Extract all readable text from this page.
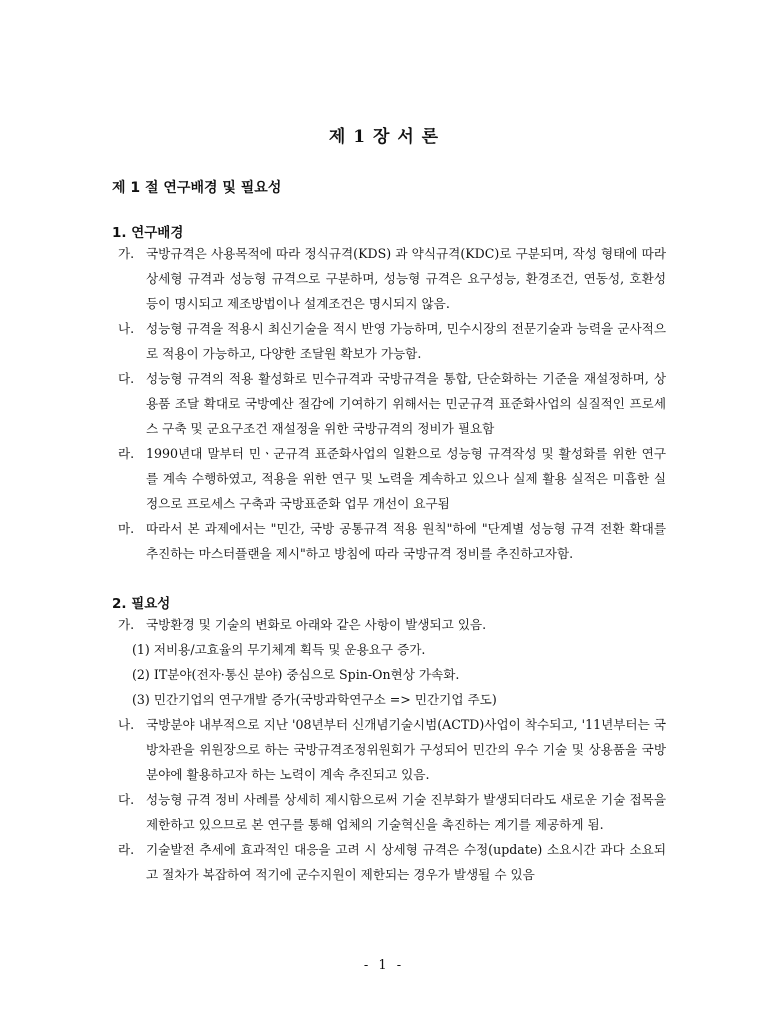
제 1 장 서 론
제 1 절 연구배경 및 필요성
1. 연구배경
가. 국방규격은 사용목적에 따라 정식규격(KDS) 과 약식규격(KDC)로 구분되며, 작성 형태에 따라 상세형 규격과 성능형 규격으로 구분하며, 성능형 규격은 요구성능, 환경조건, 연동성, 호환성 등이 명시되고 제조방법이나 설계조건은 명시되지 않음.
나. 성능형 규격을 적용시 최신기술을 적시 반영 가능하며, 민수시장의 전문기술과 능력을 군사적으로 적용이 가능하고, 다양한 조달원 확보가 가능함.
다. 성능형 규격의 적용 활성화로 민수규격과 국방규격을 통합, 단순화하는 기준을 재설정하며, 상용품 조달 확대로 국방예산 절감에 기여하기 위해서는 민군규격 표준화사업의 실질적인 프로세스 구축 및 군요구조건 재설정을 위한 국방규격의 정비가 필요함
라. 1990년대 말부터 민ㆍ군규격 표준화사업의 일환으로 성능형 규격작성 및 활성화를 위한 연구를 계속 수행하였고, 적용을 위한 연구 및 노력을 계속하고 있으나 실제 활용 실적은 미흡한 실정으로 프로세스 구축과 국방표준화 업무 개선이 요구됨
마. 따라서 본 과제에서는 "민간, 국방 공통규격 적용 원칙"하에 "단계별 성능형 규격 전환 확대를 추진하는 마스터플랜을 제시"하고 방침에 따라 국방규격 정비를 추진하고자함.
2. 필요성
가. 국방환경 및 기술의 변화로 아래와 같은 사항이 발생되고 있음.
(1) 저비용/고효율의 무기체계 획득 및 운용요구 증가.
(2) IT분야(전자·통신 분야) 중심으로 Spin-On현상 가속화.
(3) 민간기업의 연구개발 증가(국방과학연구소 => 민간기업 주도)
나. 국방분야 내부적으로 지난 '08년부터 신개념기술시범(ACTD)사업이 착수되고, '11년부터는 국방차관을 위원장으로 하는 국방규격조정위원회가 구성되어 민간의 우수 기술 및 상용품을 국방분야에 활용하고자 하는 노력이 계속 추진되고 있음.
다. 성능형 규격 정비 사례를 상세히 제시함으로써 기술 진부화가 발생되더라도 새로운 기술 접목을 제한하고 있으므로 본 연구를 통해 업체의 기술혁신을 촉진하는 계기를 제공하게 됨.
라. 기술발전 추세에 효과적인 대응을 고려 시 상세형 규격은 수정(update) 소요시간 과다 소요되고 절차가 복잡하여 적기에 군수지원이 제한되는 경우가 발생될 수 있음
- 1 -
